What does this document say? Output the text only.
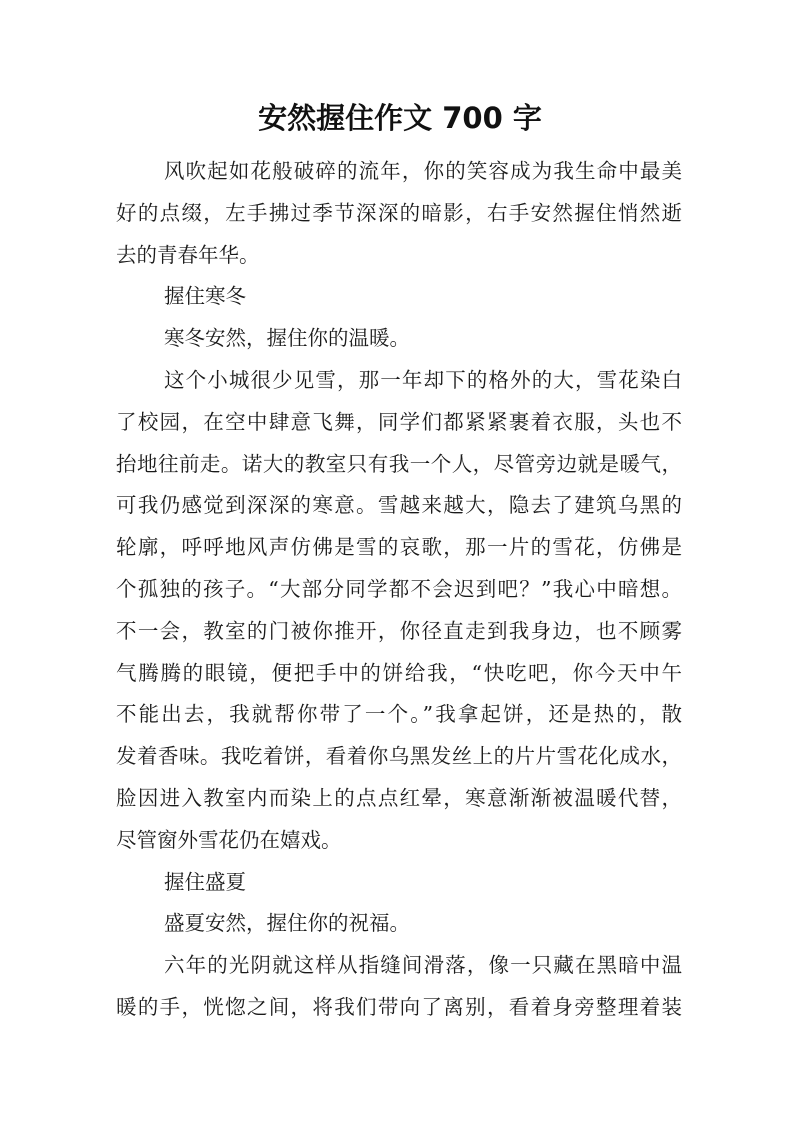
安然握住作文 700 字
风吹起如花般破碎的流年，你的笑容成为我生命中最美
好的点缀，左手拂过季节深深的暗影，右手安然握住悄然逝
去的青春年华。
握住寒冬
寒冬安然，握住你的温暖。
这个小城很少见雪，那一年却下的格外的大，雪花染白
了校园，在空中肆意飞舞，同学们都紧紧裹着衣服，头也不
抬地往前走。诺大的教室只有我一个人，尽管旁边就是暖气，
可我仍感觉到深深的寒意。雪越来越大，隐去了建筑乌黑的
轮廓，呼呼地风声仿佛是雪的哀歌，那一片的雪花，仿佛是
个孤独的孩子。“大部分同学都不会迟到吧？”我心中暗想。
不一会，教室的门被你推开，你径直走到我身边，也不顾雾
气腾腾的眼镜，便把手中的饼给我，“快吃吧，你今天中午
不能出去，我就帮你带了一个。”我拿起饼，还是热的，散
发着香味。我吃着饼，看着你乌黑发丝上的片片雪花化成水，
脸因进入教室内而染上的点点红晕，寒意渐渐被温暖代替，
尽管窗外雪花仍在嬉戏。
握住盛夏
盛夏安然，握住你的祝福。
六年的光阴就这样从指缝间滑落，像一只藏在黑暗中温
暖的手，恍惚之间，将我们带向了离别，看着身旁整理着装
